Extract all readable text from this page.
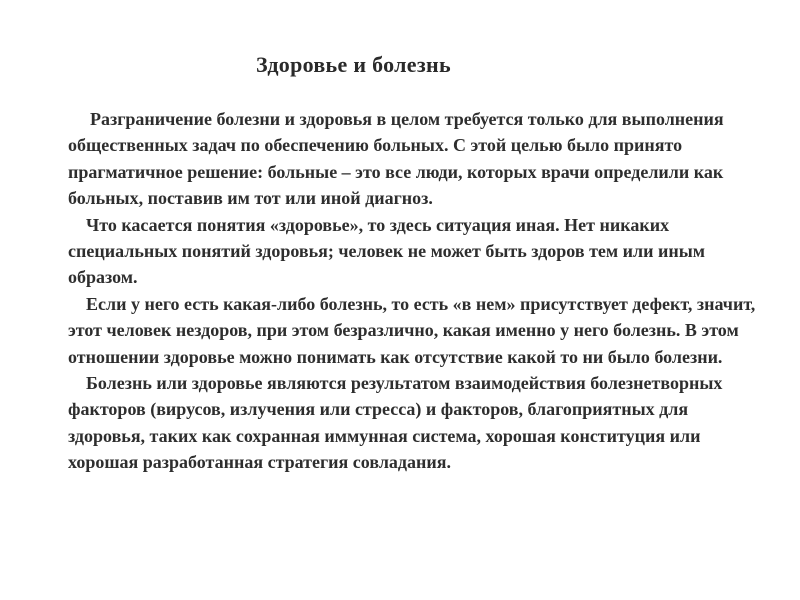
Здоровье и болезнь

Разграничение болезни и здоровья в целом требуется только для выполнения общественных задач по обеспечению больных. С этой целью было принято прагматичное решение: больные – это все люди, которых врачи определили как больных, поставив им тот или иной диагноз.

Что касается понятия «здоровье», то здесь ситуация иная. Нет никаких специальных понятий здоровья; человек не может быть здоров тем или иным образом.

Если у него есть какая-либо болезнь, то есть «в нем» присутствует дефект, значит, этот человек нездоров, при этом безразлично, какая именно у него болезнь. В этом отношении здоровье можно понимать как отсутствие какой то ни было болезни.

Болезнь или здоровье являются результатом взаимодействия болезнетворных факторов (вирусов, излучения или стресса) и факторов, благоприятных для здоровья, таких как сохранная иммунная система, хорошая конституция или хорошая разработанная стратегия совладания.
